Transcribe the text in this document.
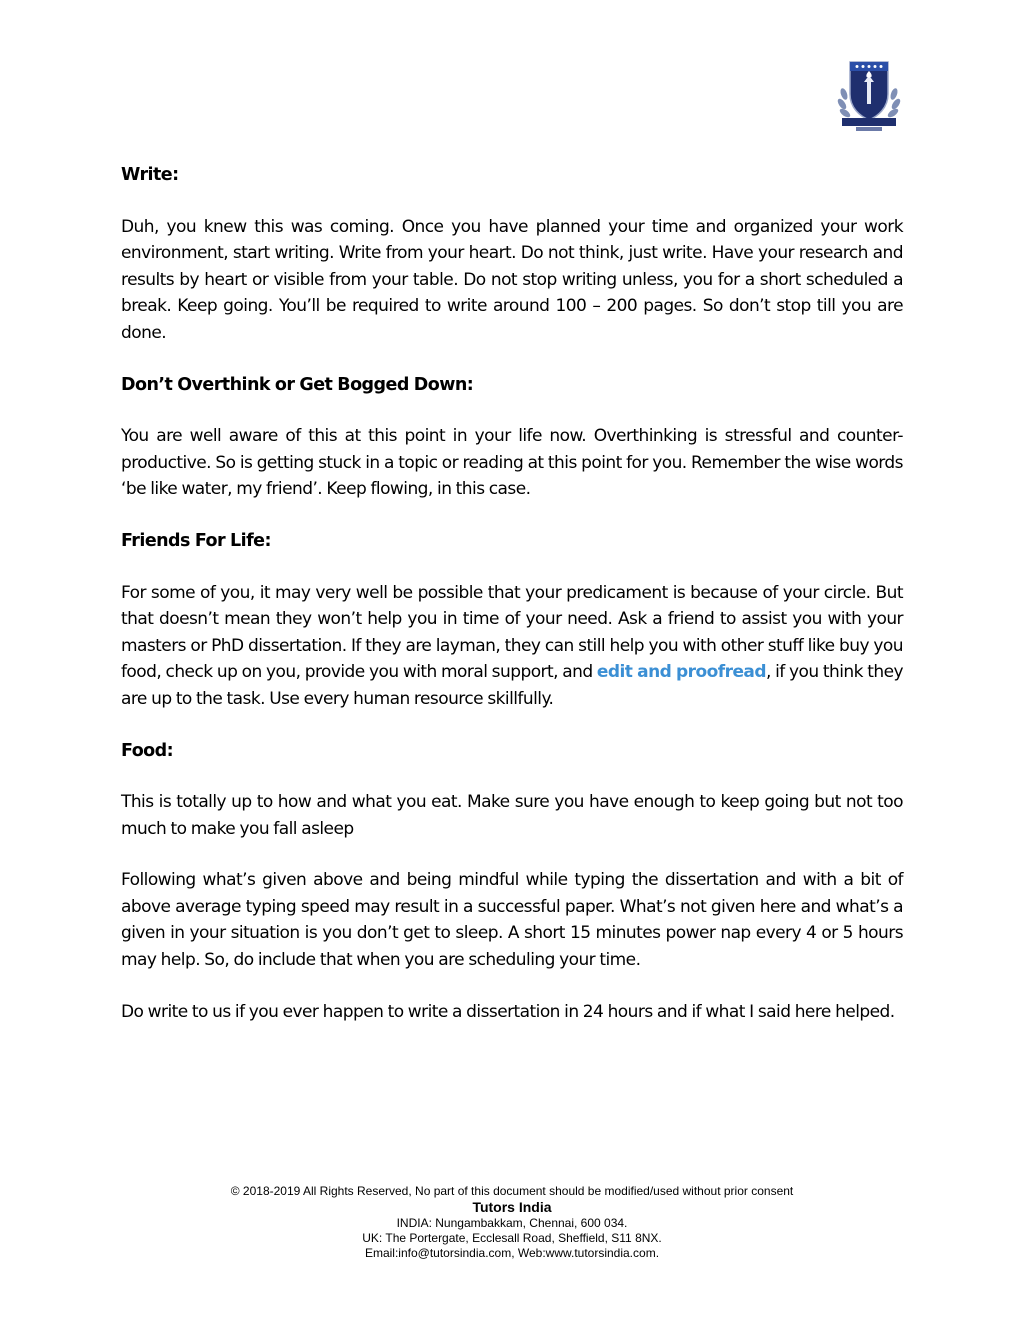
Write:
Duh, you knew this was coming. Once you have planned your time and organized your work environment, start writing. Write from your heart. Do not think, just write. Have your research and results by heart or visible from your table. Do not stop writing unless, you for a short scheduled a break. Keep going. You’ll be required to write around 100 – 200 pages. So don’t stop till you are done.
Don’t Overthink or Get Bogged Down:
You are well aware of this at this point in your life now. Overthinking is stressful and counter-productive. So is getting stuck in a topic or reading at this point for you. Remember the wise words ‘be like water, my friend’. Keep flowing, in this case.
Friends For Life:
For some of you, it may very well be possible that your predicament is because of your circle. But that doesn’t mean they won’t help you in time of your need. Ask a friend to assist you with your masters or PhD dissertation. If they are layman, they can still help you with other stuff like buy you food, check up on you, provide you with moral support, and edit and proofread, if you think they are up to the task. Use every human resource skillfully.
Food:
This is totally up to how and what you eat. Make sure you have enough to keep going but not too much to make you fall asleep
Following what’s given above and being mindful while typing the dissertation and with a bit of above average typing speed may result in a successful paper. What’s not given here and what’s a given in your situation is you don’t get to sleep. A short 15 minutes power nap every 4 or 5 hours may help. So, do include that when you are scheduling your time.
Do write to us if you ever happen to write a dissertation in 24 hours and if what I said here helped.
© 2018-2019 All Rights Reserved, No part of this document should be modified/used without prior consent
Tutors India
INDIA: Nungambakkam, Chennai, 600 034.
UK: The Portergate, Ecclesall Road, Sheffield, S11 8NX.
Email:info@tutorsindia.com, Web:www.tutorsindia.com.
